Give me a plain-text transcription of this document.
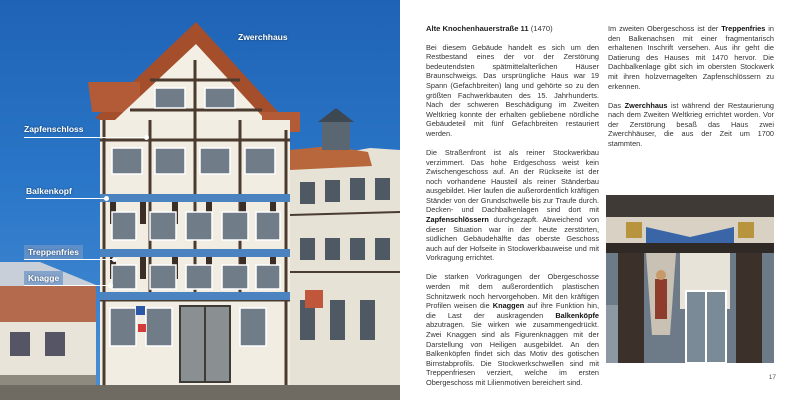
Zwerchhaus
Zapfenschloss
Balkenkopf
Treppenfries
Knagge
Alte Knochenhauerstraße 11 (1470)

Bei diesem Gebäude handelt es sich um den Restbestand eines der vor der Zerstörung bedeutendsten spätmittelalterlichen Häuser Braunschweigs. Das ursprüngliche Haus war 19 Spann (Gefachbreiten) lang und gehörte so zu den größten Fachwerkbauten des 15. Jahrhunderts. Nach der schweren Beschädigung im Zweiten Weltkrieg konnte der erhalten gebliebene nördliche Gebäudeteil mit fünf Gefachbreiten restauriert werden.

Die Straßenfront ist als reiner Stockwerkbau verzimmert. Das hohe Erdgeschoss weist kein Zwischengeschoss auf. An der Rückseite ist der noch vorhandene Hausteil als reiner Ständerbau ausgebildet. Hier laufen die außerordentlich kräftigen Ständer von der Grundschwelle bis zur Traufe durch. Decken- und Dachbalkenlagen sind dort mit Zapfenschlössern durchgezapft. Abweichend von dieser Situation war in der heute zerstörten, südlichen Gebäudehälfte das oberste Geschoss auch auf der Hofseite in Stockwerkbauweise und mit Vorkragung errichtet.

Die starken Vorkragungen der Obergeschosse werden mit dem außerordentlich plastischen Schnitzwerk noch hervorgehoben. Mit den kräftigen Profilen weisen die Knaggen auf ihre Funktion hin, die Last der auskragenden Balkenköpfe abzutragen. Sie wirken wie zusammengedrückt. Zwei Knaggen sind als Figurenknaggen mit der Darstellung von Heiligen ausgebildet. An den Balkenköpfen findet sich das Motiv des gotischen Birnstabprofils. Die Stockwerkschwellen sind mit Treppenfriesen verziert, welche im ersten Obergeschoss mit Lilienmotiven bereichert sind.

Im zweiten Obergeschoss ist der Treppenfries in den Balkenachsen mit einer fragmentarisch erhaltenen Inschrift versehen. Aus ihr geht die Datierung des Hauses mit 1470 hervor. Die Dachbalkenlage gibt sich im obersten Stockwerk mit ihren holzvernagelten Zapfenschlössern zu erkennen.

Das Zwerchhaus ist während der Restaurierung nach dem Zweiten Weltkrieg errichtet worden. Vor der Zerstörung besaß das Haus zwei Zwerchhäuser, die aus der Zeit um 1700 stammten.

17
